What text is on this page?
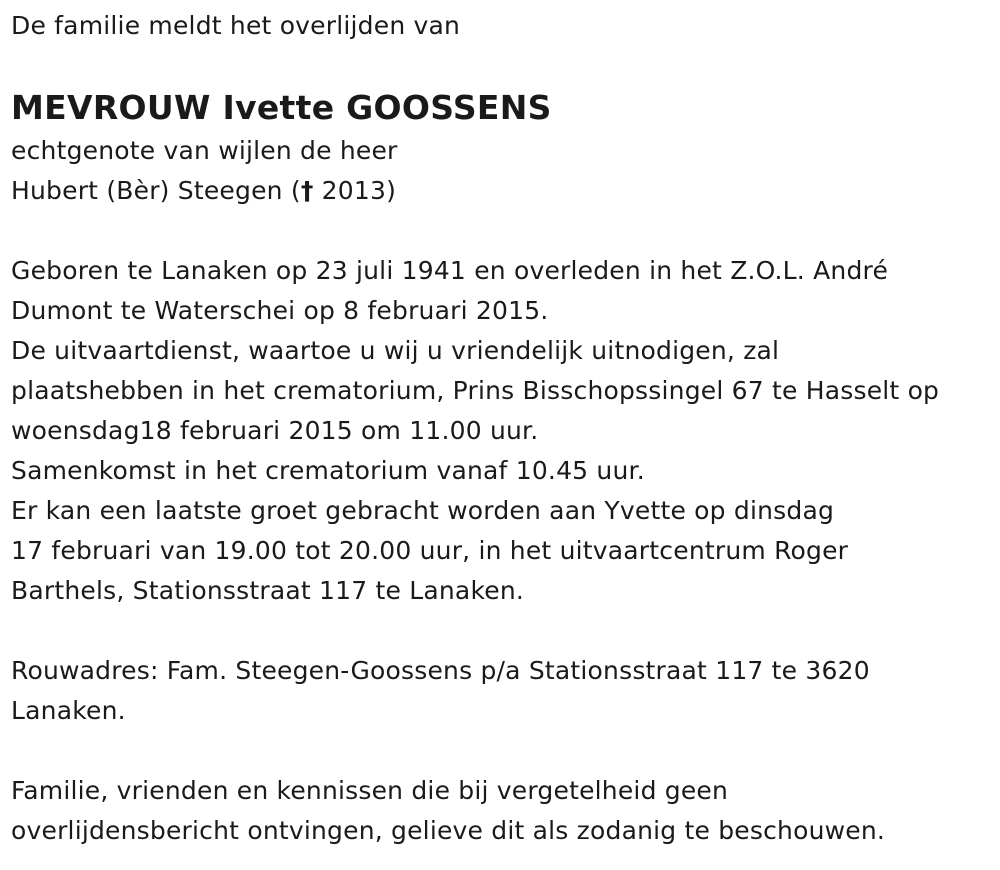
De familie meldt het overlijden van
MEVROUW Ivette GOOSSENS
echtgenote van wijlen de heer
Hubert (Bèr) Steegen († 2013)
Geboren te Lanaken op 23 juli 1941 en overleden in het Z.O.L. André
Dumont te Waterschei op 8 februari 2015.
De uitvaartdienst, waartoe u wij u vriendelijk uitnodigen, zal
plaatshebben in het crematorium, Prins Bisschopssingel 67 te Hasselt op
woensdag18 februari 2015 om 11.00 uur.
Samenkomst in het crematorium vanaf 10.45 uur.
Er kan een laatste groet gebracht worden aan Yvette op dinsdag
17 februari van 19.00 tot 20.00 uur, in het uitvaartcentrum Roger
Barthels, Stationsstraat 117 te Lanaken.
Rouwadres: Fam. Steegen-Goossens p/a Stationsstraat 117 te 3620
Lanaken.
Familie, vrienden en kennissen die bij vergetelheid geen
overlijdensbericht ontvingen, gelieve dit als zodanig te beschouwen.
